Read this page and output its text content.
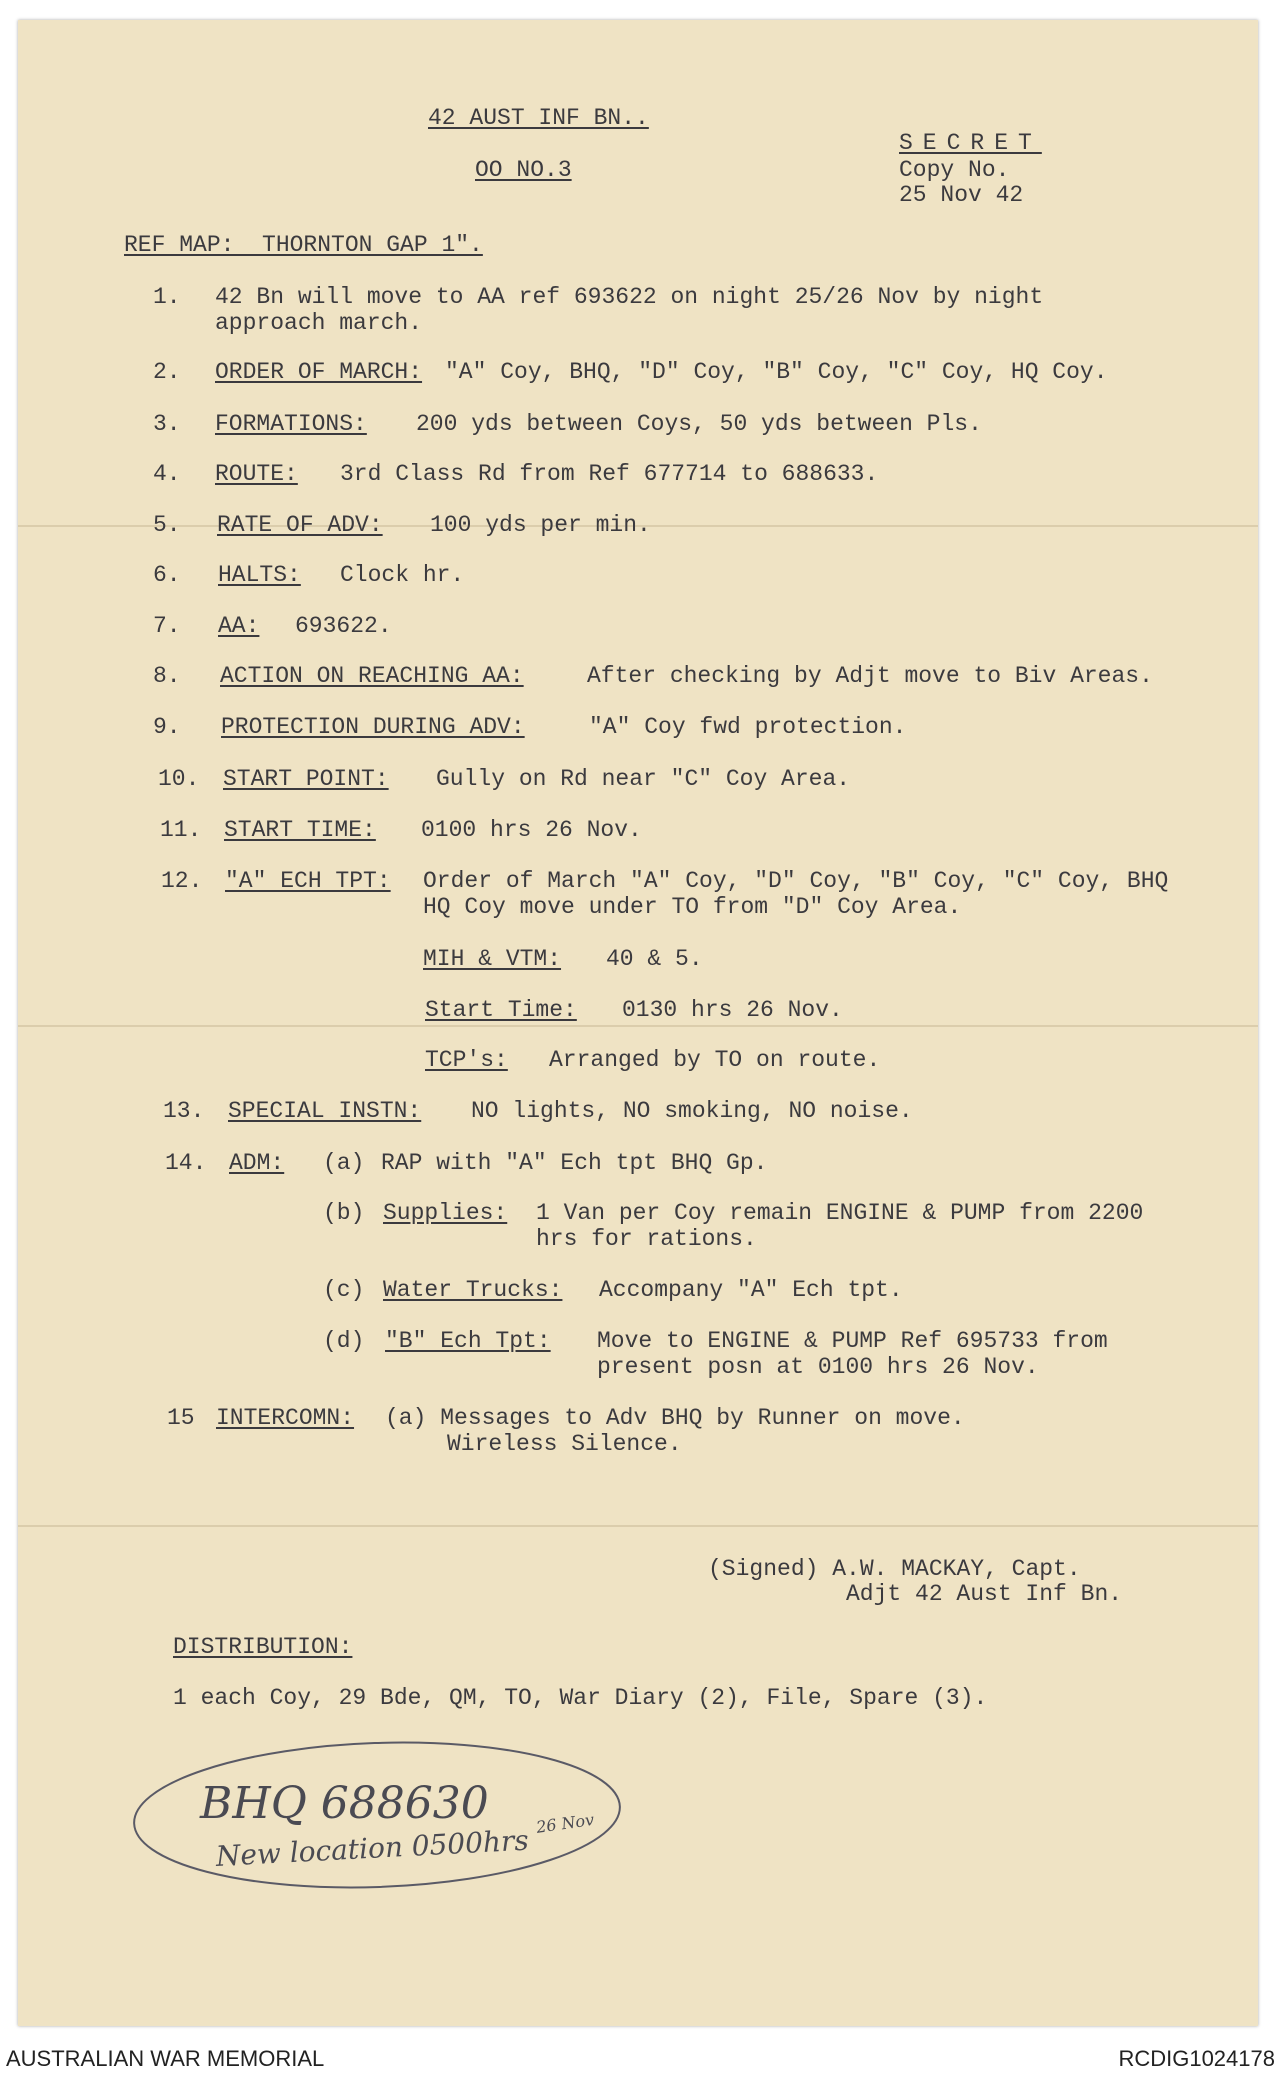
42 AUST INF BN..
OO NO.3
SECRET
Copy No.
25 Nov 42
REF MAP:  THORNTON GAP 1".
1. 42 Bn will move to AA ref 693622 on night 25/26 Nov by night
approach march.
2. ORDER OF MARCH: "A" Coy, BHQ, "D" Coy, "B" Coy, "C" Coy, HQ Coy.
3. FORMATIONS: 200 yds between Coys, 50 yds between Pls.
4. ROUTE: 3rd Class Rd from Ref 677714 to 688633.
5. RATE OF ADV: 100 yds per min.
6. HALTS: Clock hr.
7. AA: 693622.
8. ACTION ON REACHING AA:	After checking by Adjt move to Biv Areas.
9. PROTECTION DURING ADV:	"A" Coy fwd protection.
10. START POINT: Gully on Rd near "C" Coy Area.
11. START TIME: 0100 hrs 26 Nov.
12. "A" ECH TPT: Order of March "A" Coy, "D" Coy, "B" Coy, "C" Coy, BHQ
HQ Coy move under TO from "D" Coy Area.
MIH & VTM: 40 & 5.
Start Time: 0130 hrs 26 Nov.
TCP's: Arranged by TO on route.
13. SPECIAL INSTN: NO lights, NO smoking, NO noise.
14. ADM: (a) RAP with "A" Ech tpt BHQ Gp.
(b) Supplies: 1 Van per Coy remain ENGINE & PUMP from 2200
hrs for rations.
(c) Water Trucks: Accompany "A" Ech tpt.
(d) "B" Ech Tpt: Move to ENGINE & PUMP Ref 695733 from
present posn at 0100 hrs 26 Nov.
15 INTERCOMN: (a) Messages to Adv BHQ by Runner on move.
Wireless Silence.
(Signed) A.W. MACKAY, Capt.
Adjt 42 Aust Inf Bn.
DISTRIBUTION:
1 each Coy, 29 Bde, QM, TO, War Diary (2), File, Spare (3).
BHQ 688630
New location 0500hrs
26 Nov
AUSTRALIAN WAR MEMORIAL	RCDIG1024178
